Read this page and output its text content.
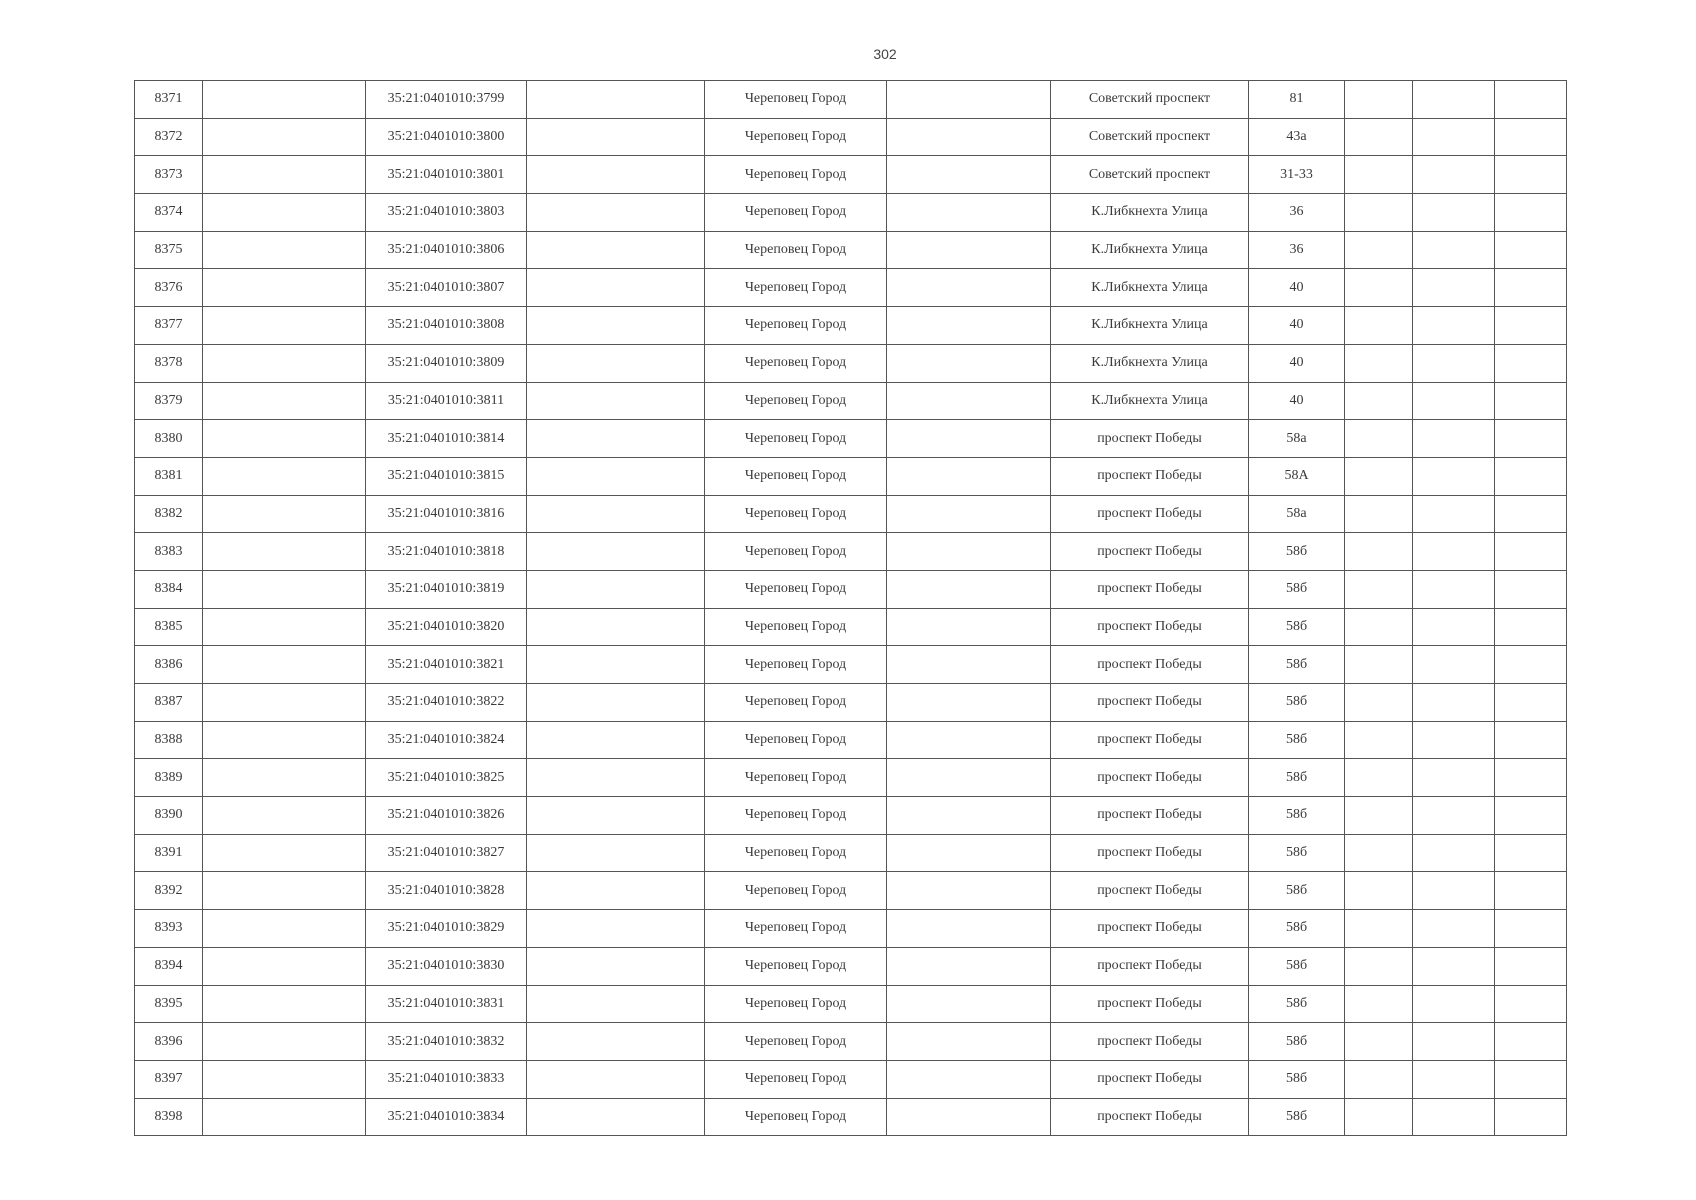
302
8371		35:21:0401010:3799		Череповец Город		Советский проспект	81			
8372		35:21:0401010:3800		Череповец Город		Советский проспект	43а			
8373		35:21:0401010:3801		Череповец Город		Советский проспект	31-33			
8374		35:21:0401010:3803		Череповец Город		К.Либкнехта Улица	36			
8375		35:21:0401010:3806		Череповец Город		К.Либкнехта Улица	36			
8376		35:21:0401010:3807		Череповец Город		К.Либкнехта Улица	40			
8377		35:21:0401010:3808		Череповец Город		К.Либкнехта Улица	40			
8378		35:21:0401010:3809		Череповец Город		К.Либкнехта Улица	40			
8379		35:21:0401010:3811		Череповец Город		К.Либкнехта Улица	40			
8380		35:21:0401010:3814		Череповец Город		проспект Победы	58а			
8381		35:21:0401010:3815		Череповец Город		проспект Победы	58А			
8382		35:21:0401010:3816		Череповец Город		проспект Победы	58а			
8383		35:21:0401010:3818		Череповец Город		проспект Победы	58б			
8384		35:21:0401010:3819		Череповец Город		проспект Победы	58б			
8385		35:21:0401010:3820		Череповец Город		проспект Победы	58б			
8386		35:21:0401010:3821		Череповец Город		проспект Победы	58б			
8387		35:21:0401010:3822		Череповец Город		проспект Победы	58б			
8388		35:21:0401010:3824		Череповец Город		проспект Победы	58б			
8389		35:21:0401010:3825		Череповец Город		проспект Победы	58б			
8390		35:21:0401010:3826		Череповец Город		проспект Победы	58б			
8391		35:21:0401010:3827		Череповец Город		проспект Победы	58б			
8392		35:21:0401010:3828		Череповец Город		проспект Победы	58б			
8393		35:21:0401010:3829		Череповец Город		проспект Победы	58б			
8394		35:21:0401010:3830		Череповец Город		проспект Победы	58б			
8395		35:21:0401010:3831		Череповец Город		проспект Победы	58б			
8396		35:21:0401010:3832		Череповец Город		проспект Победы	58б			
8397		35:21:0401010:3833		Череповец Город		проспект Победы	58б			
8398		35:21:0401010:3834		Череповец Город		проспект Победы	58б			
